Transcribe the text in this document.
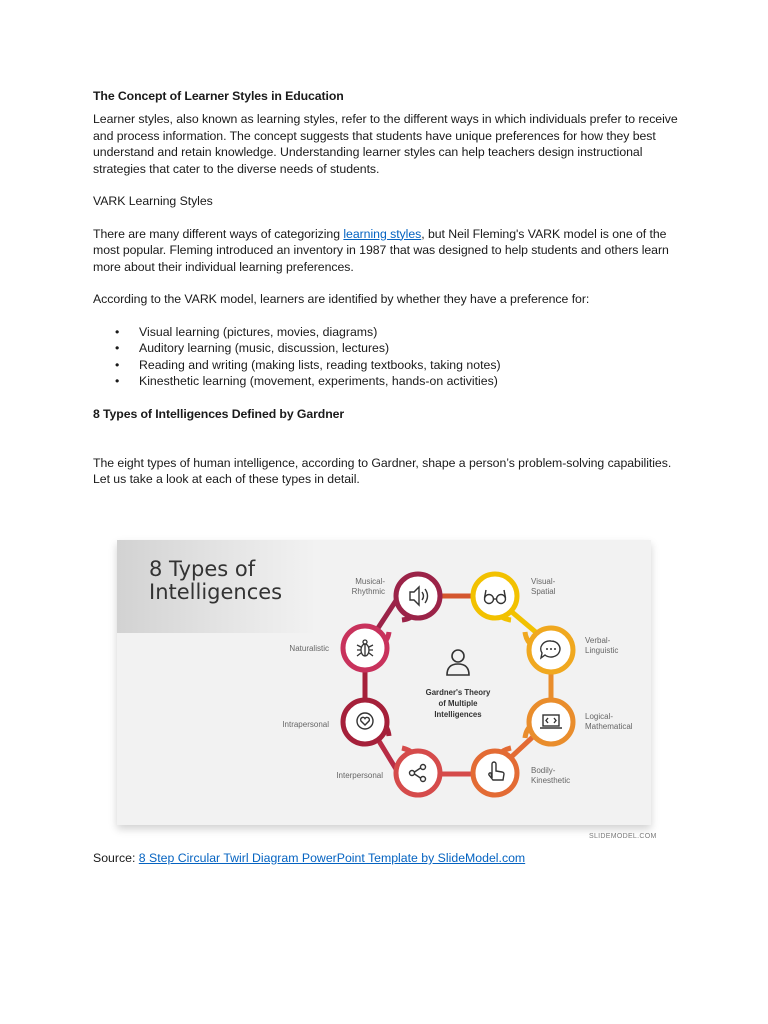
The Concept of Learner Styles in Education

Learner styles, also known as learning styles, refer to the different ways in which individuals prefer to receive and process information. The concept suggests that students have unique preferences for how they best understand and retain knowledge. Understanding learner styles can help teachers design instructional strategies that cater to the diverse needs of students.

VARK Learning Styles

There are many different ways of categorizing learning styles, but Neil Fleming's VARK model is one of the most popular. Fleming introduced an inventory in 1987 that was designed to help students and others learn more about their individual learning preferences.

According to the VARK model, learners are identified by whether they have a preference for:

• Visual learning (pictures, movies, diagrams)
• Auditory learning (music, discussion, lectures)
• Reading and writing (making lists, reading textbooks, taking notes)
• Kinesthetic learning (movement, experiments, hands-on activities)

8 Types of Intelligences Defined by Gardner

The eight types of human intelligence, according to Gardner, shape a person’s problem-solving capabilities. Let us take a look at each of these types in detail.

8 Types of
Intelligences
Gardner's Theory
of Multiple
Intelligences
Musical-
Rhythmic
Visual-
Spatial
Verbal-
Linguistic
Logical-
Mathematical
Bodily-
Kinesthetic
Interpersonal
Intrapersonal
Naturalistic
SLIDEMODEL.COM
Source: 8 Step Circular Twirl Diagram PowerPoint Template by SlideModel.com
